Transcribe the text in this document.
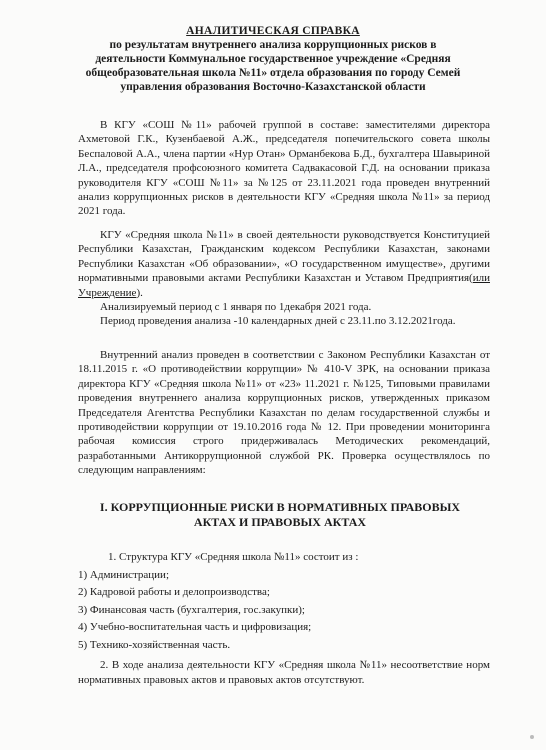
АНАЛИТИЧЕСКАЯ СПРАВКА
по результатам внутреннего анализа коррупционных рисков в
деятельности Коммунальное государственное учреждение «Средняя
общеобразовательная школа №11» отдела образования по городу Семей
управления образования Восточно-Казахстанской области
В КГУ «СОШ №11» рабочей группой в составе: заместителями директора Ахметовой Г.К., Кузенбаевой А.Ж., председателя попечительского совета школы Беспаловой А.А., члена партии «Нур Отан» Орманбекова Б.Д., бухгалтера Шавыриной Л.А., председателя профсоюзного комитета Садвакасовой Г.Д. на основании приказа руководителя КГУ «СОШ №11» за №125 от 23.11.2021 года проведен внутренний анализ коррупционных рисков в деятельности КГУ «Средняя школа №11» за период 2021 года.
КГУ «Средняя школа №11» в своей деятельности руководствуется Конституцией Республики Казахстан, Гражданским кодексом Республики Казахстан, законами Республики Казахстан «Об образовании», «О государственном имуществе», другими нормативными правовыми актами Республики Казахстан и Уставом Предприятия(или Учреждение).
Анализируемый период с 1 января по 1декабря 2021 года.
Период проведения анализа -10 календарных дней с 23.11.по 3.12.2021года.
Внутренний анализ проведен в соответствии с Законом Республики Казахстан от 18.11.2015 г. «О противодействии коррупции» № 410-V ЗРК, на основании приказа директора КГУ «Средняя школа №11» от «23» 11.2021 г. №125, Типовыми правилами проведения внутреннего анализа коррупционных рисков, утвержденных приказом Председателя Агентства Республики Казахстан по делам государственной службы и противодействии коррупции от 19.10.2016 года № 12. При проведении мониторинга рабочая комиссия строго придерживалась Методических рекомендаций, разработанными Антикоррупционной службой РК. Проверка осуществлялось по следующим направлениям:
I. КОРРУПЦИОННЫЕ РИСКИ В НОРМАТИВНЫХ ПРАВОВЫХ
АКТАХ И ПРАВОВЫХ АКТАХ
1. Структура КГУ «Средняя школа №11» состоит из :
1) Администрации;
2) Кадровой работы и делопроизводства;
3) Финансовая часть (бухгалтерия, гос.закупки);
4) Учебно-воспитательная часть и цифровизация;
5) Технико-хозяйственная часть.
2. В ходе анализа деятельности КГУ «Средняя школа №11» несоответствие норм нормативных правовых актов и правовых актов отсутствуют.
